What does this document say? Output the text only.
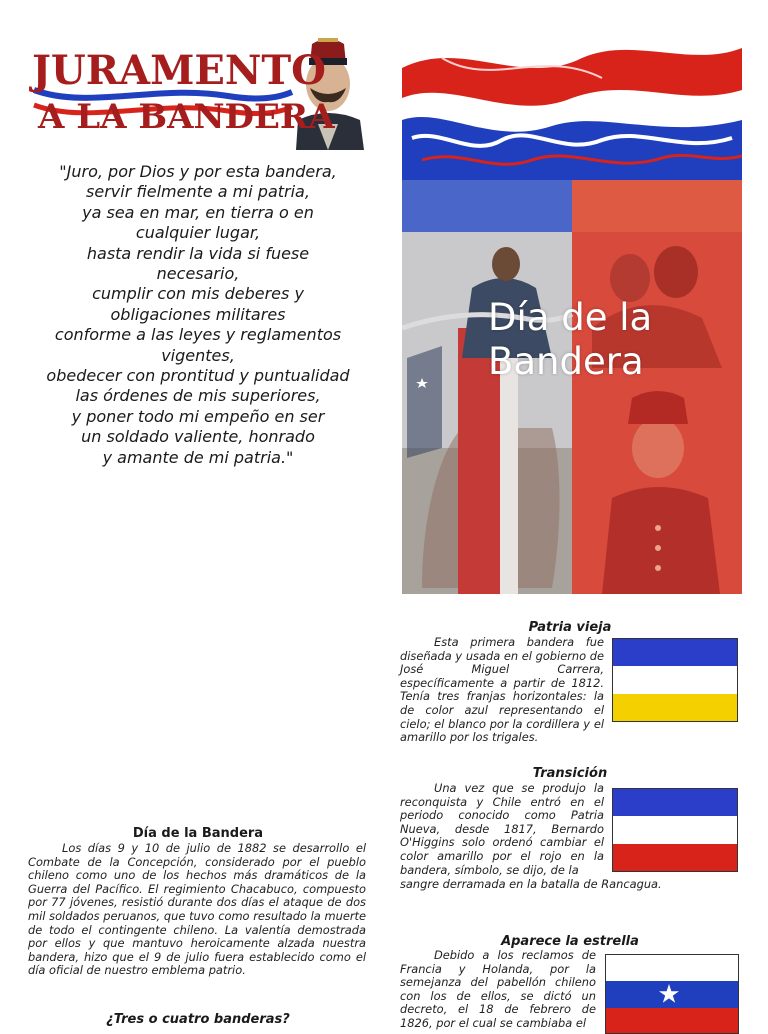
JURAMENTO
A LA BANDERA
"Juro, por Dios y por esta bandera,
servir fielmente a mi patria,
ya sea en mar, en tierra o en
cualquier lugar,
hasta rendir la vida si fuese
necesario,
cumplir con mis deberes y
obligaciones militares
conforme a las leyes y reglamentos
vigentes,
obedecer con prontitud y puntualidad
las órdenes de mis superiores,
y poner todo mi empeño en ser
un soldado valiente, honrado
y amante de mi patria."
Día de la
Bandera
Patria vieja
Esta primera bandera fue diseñada y usada en el gobierno de José Miguel Carrera, específicamente a partir de 1812. Tenía tres franjas horizontales: la de color azul representando el cielo; el blanco por la cordillera y el amarillo por los trigales.
Transición
Una vez que se produjo la reconquista y Chile entró en el periodo conocido como Patria Nueva, desde 1817, Bernardo O'Higgins solo ordenó cambiar el color amarillo por el rojo en la bandera, símbolo, se dijo, de la
sangre derramada en la batalla de Rancagua.
Aparece la estrella
Debido a los reclamos de Francia y Holanda, por la semejanza del pabellón chileno con los de ellos, se dictó un decreto, el 18 de febrero de 1826, por el cual se cambiaba el
Día de la Bandera
Los días 9 y 10 de julio de 1882 se desarrollo el Combate de la Concepción, considerado por el pueblo chileno como uno de los hechos más dramáticos de la Guerra del Pacífico. El regimiento Chacabuco, compuesto por 77 jóvenes, resistió durante dos días el ataque de dos mil soldados peruanos, que tuvo como resultado la muerte de todo el contingente chileno. La valentía demostrada por ellos y que mantuvo heroicamente alzada nuestra bandera, hizo que el 9 de julio fuera establecido como el día oficial de nuestro emblema patrio.
¿Tres o cuatro banderas?
